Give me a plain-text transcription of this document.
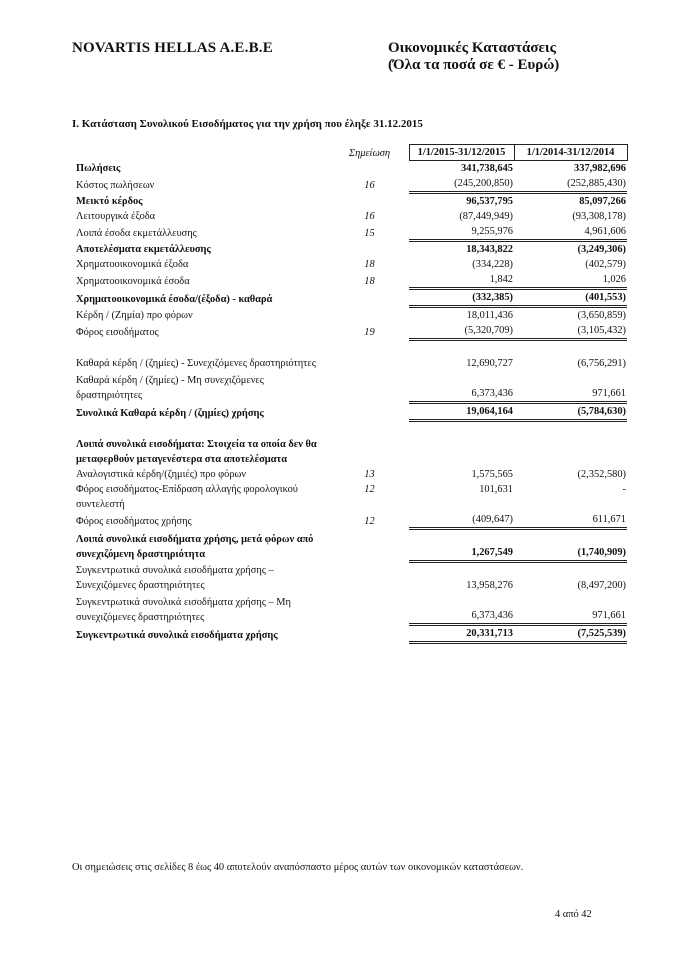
NOVARTIS HELLAS A.E.B.E	Οικονομικές Καταστάσεις
(Όλα τα ποσά σε € - Ευρώ)
I. Κατάσταση Συνολικού Εισοδήματος για την χρήση που έληξε 31.12.2015
	Σημείωση		1/1/2015-31/12/2015	1/1/2014-31/12/2014
Πωλήσεις			341,738,645	337,982,696
Κόστος πωλήσεων	16		(245,200,850)	(252,885,430)
Μεικτό κέρδος			96,537,795	85,097,266
Λειτουργικά έξοδα	16		(87,449,949)	(93,308,178)
Λοιπά έσοδα εκμετάλλευσης	15		9,255,976	4,961,606
Αποτελέσματα εκμετάλλευσης			18,343,822	(3,249,306)
Χρηματοοικονομικά έξοδα	18		(334,228)	(402,579)
Χρηματοοικονομικά έσοδα	18		1,842	1,026
Χρηματοοικονομικά έσοδα/(έξοδα) - καθαρά			(332,385)	(401,553)
Κέρδη / (Ζημία) προ φόρων			18,011,436	(3,650,859)
Φόρος εισοδήματος	19		(5,320,709)	(3,105,432)
Καθαρά κέρδη / (ζημίες) - Συνεχιζόμενες δραστηριότητες			12,690,727	(6,756,291)
Καθαρά κέρδη / (ζημίες) - Μη συνεχιζόμενες δραστηριότητες			6,373,436	971,661
Συνολικά Καθαρά κέρδη / (ζημίες) χρήσης			19,064,164	(5,784,630)
Λοιπά συνολικά εισοδήματα: Στοιχεία τα οποία δεν θα μεταφερθούν μεταγενέστερα στα αποτελέσματα				
Αναλογιστικά κέρδη/(ζημιές) προ φόρων	13		1,575,565	(2,352,580)
Φόρος εισοδήματος-Επίδραση αλλαγής φορολογικού συντελεστή	12		101,631	-
Φόρος εισοδήματος χρήσης	12		(409,647)	611,671
Λοιπά συνολικά εισοδήματα χρήσης, μετά φόρων από συνεχιζόμενη δραστηριότητα			1,267,549	(1,740,909)
Συγκεντρωτικά συνολικά εισοδήματα χρήσης – Συνεχιζόμενες δραστηριότητες			13,958,276	(8,497,200)
Συγκεντρωτικά συνολικά εισοδήματα χρήσης – Μη συνεχιζόμενες δραστηριότητες			6,373,436	971,661
Συγκεντρωτικά συνολικά εισοδήματα χρήσης			20,331,713	(7,525,539)
Οι σημειώσεις στις σελίδες 8 έως 40 αποτελούν αναπόσπαστο μέρος αυτών των οικονομικών καταστάσεων.
4 από 42
